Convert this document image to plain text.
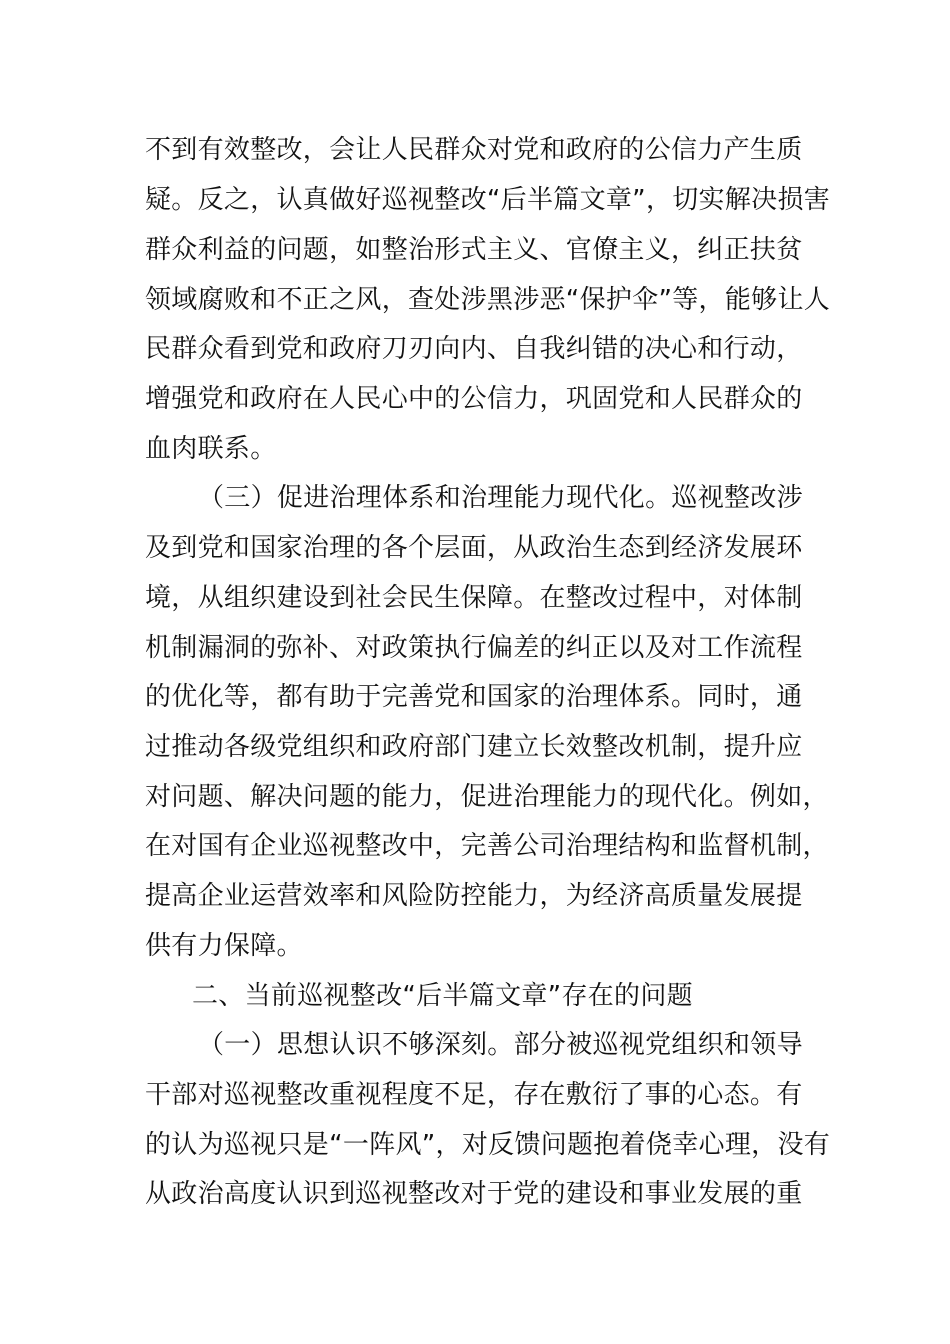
不到有效整改，会让人民群众对党和政府的公信力产生质
疑。反之，认真做好巡视整改“后半篇文章”，切实解决损害
群众利益的问题，如整治形式主义、官僚主义，纠正扶贫
领域腐败和不正之风，查处涉黑涉恶“保护伞”等，能够让人
民群众看到党和政府刀刃向内、自我纠错的决心和行动，
增强党和政府在人民心中的公信力，巩固党和人民群众的
血肉联系。
（三）促进治理体系和治理能力现代化。巡视整改涉
及到党和国家治理的各个层面，从政治生态到经济发展环
境，从组织建设到社会民生保障。在整改过程中，对体制
机制漏洞的弥补、对政策执行偏差的纠正以及对工作流程
的优化等，都有助于完善党和国家的治理体系。同时，通
过推动各级党组织和政府部门建立长效整改机制，提升应
对问题、解决问题的能力，促进治理能力的现代化。例如，
在对国有企业巡视整改中，完善公司治理结构和监督机制，
提高企业运营效率和风险防控能力，为经济高质量发展提
供有力保障。
二、当前巡视整改“后半篇文章”存在的问题
（一）思想认识不够深刻。部分被巡视党组织和领导
干部对巡视整改重视程度不足，存在敷衍了事的心态。有
的认为巡视只是“一阵风”，对反馈问题抱着侥幸心理，没有
从政治高度认识到巡视整改对于党的建设和事业发展的重
